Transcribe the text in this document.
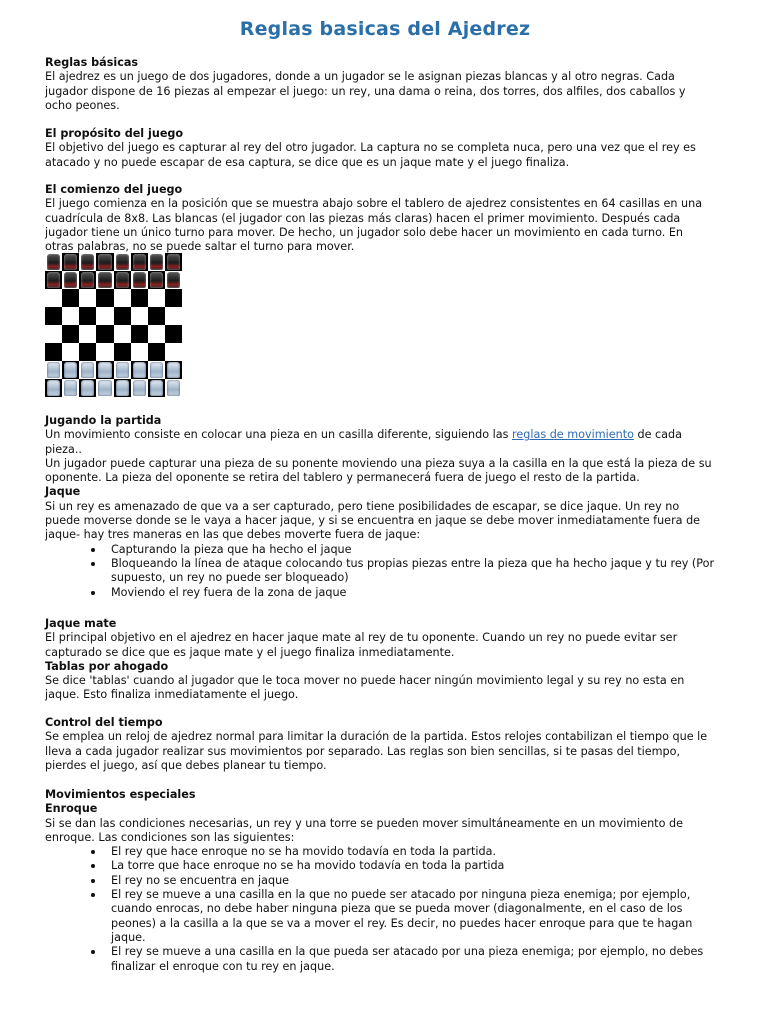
Reglas basicas del Ajedrez
Reglas básicas
El ajedrez es un juego de dos jugadores, donde a un jugador se le asignan piezas blancas y al otro negras. Cada
jugador dispone de 16 piezas al empezar el juego: un rey, una dama o reina, dos torres, dos alfiles, dos caballos y
ocho peones.
El propósito del juego
El objetivo del juego es capturar al rey del otro jugador. La captura no se completa nuca, pero una vez que el rey es
atacado y no puede escapar de esa captura, se dice que es un jaque mate y el juego finaliza.
El comienzo del juego
El juego comienza en la posición que se muestra abajo sobre el tablero de ajedrez consistentes en 64 casillas en una
cuadrícula de 8x8. Las blancas (el jugador con las piezas más claras) hacen el primer movimiento. Después cada
jugador tiene un único turno para mover. De hecho, un jugador solo debe hacer un movimiento en cada turno. En
otras palabras, no se puede saltar el turno para mover.
Jugando la partida
Un movimiento consiste en colocar una pieza en un casilla diferente, siguiendo las reglas de movimiento de cada
pieza..
Un jugador puede capturar una pieza de su ponente moviendo una pieza suya a la casilla en la que está la pieza de su
oponente. La pieza del oponente se retira del tablero y permanecerá fuera de juego el resto de la partida.
Jaque
Si un rey es amenazado de que va a ser capturado, pero tiene posibilidades de escapar, se dice jaque. Un rey no
puede moverse donde se le vaya a hacer jaque, y si se encuentra en jaque se debe mover inmediatamente fuera de
jaque- hay tres maneras en las que debes moverte fuera de jaque:
Capturando la pieza que ha hecho el jaque
Bloqueando la línea de ataque colocando tus propias piezas entre la pieza que ha hecho jaque y tu rey (Por supuesto, un rey no puede ser bloqueado)
Moviendo el rey fuera de la zona de jaque
Jaque mate
El principal objetivo en el ajedrez en hacer jaque mate al rey de tu oponente. Cuando un rey no puede evitar ser
capturado se dice que es jaque mate y el juego finaliza inmediatamente.
Tablas por ahogado
Se dice 'tablas' cuando al jugador que le toca mover no puede hacer ningún movimiento legal y su rey no esta en
jaque. Esto finaliza inmediatamente el juego.
Control del tiempo
Se emplea un reloj de ajedrez normal para limitar la duración de la partida. Estos relojes contabilizan el tiempo que le
lleva a cada jugador realizar sus movimientos por separado. Las reglas son bien sencillas, si te pasas del tiempo,
pierdes el juego, así que debes planear tu tiempo.
Movimientos especiales
Enroque
Si se dan las condiciones necesarias, un rey y una torre se pueden mover simultáneamente en un movimiento de
enroque. Las condiciones son las siguientes:
El rey que hace enroque no se ha movido todavía en toda la partida.
La torre que hace enroque no se ha movido todavía en toda la partida
El rey no se encuentra en jaque
El rey se mueve a una casilla en la que no puede ser atacado por ninguna pieza enemiga; por ejemplo, cuando enrocas, no debe haber ninguna pieza que se pueda mover (diagonalmente, en el caso de los peones) a la casilla a la que se va a mover el rey. Es decir, no puedes hacer enroque para que te hagan jaque.
El rey se mueve a una casilla en la que pueda ser atacado por una pieza enemiga; por ejemplo, no debes finalizar el enroque con tu rey en jaque.
